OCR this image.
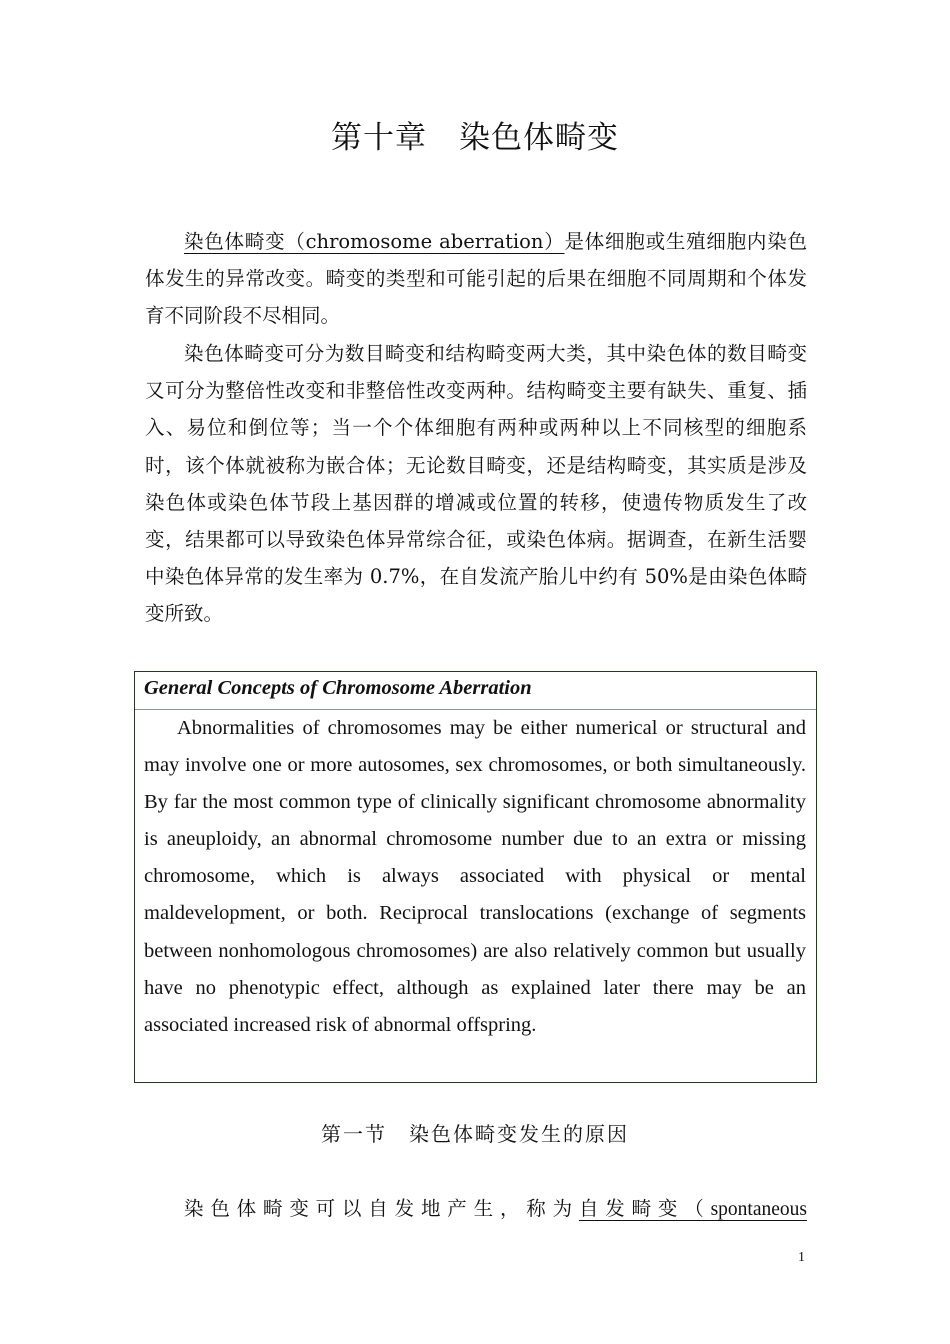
第十章　染色体畸变

染色体畸变（chromosome aberration）是体细胞或生殖细胞内染色体发生的异常改变。畸变的类型和可能引起的后果在细胞不同周期和个体发育不同阶段不尽相同。

染色体畸变可分为数目畸变和结构畸变两大类，其中染色体的数目畸变又可分为整倍性改变和非整倍性改变两种。结构畸变主要有缺失、重复、插入、易位和倒位等；当一个个体细胞有两种或两种以上不同核型的细胞系时，该个体就被称为嵌合体；无论数目畸变，还是结构畸变，其实质是涉及染色体或染色体节段上基因群的增减或位置的转移，使遗传物质发生了改变，结果都可以导致染色体异常综合征，或染色体病。据调查，在新生活婴中染色体异常的发生率为 0.7%，在自发流产胎儿中约有 50%是由染色体畸变所致。

General Concepts of Chromosome Aberration

Abnormalities of chromosomes may be either numerical or structural and may involve one or more autosomes, sex chromosomes, or both simultaneously. By far the most common type of clinically significant chromosome abnormality is aneuploidy, an abnormal chromosome number due to an extra or missing chromosome, which is always associated with physical or mental maldevelopment, or both. Reciprocal translocations (exchange of segments between nonhomologous chromosomes) are also relatively common but usually have no phenotypic effect, although as explained later there may be an associated increased risk of abnormal offspring.

第一节　染色体畸变发生的原因

染色体畸变可以自发地产生，称为自发畸变（spontaneous

1
